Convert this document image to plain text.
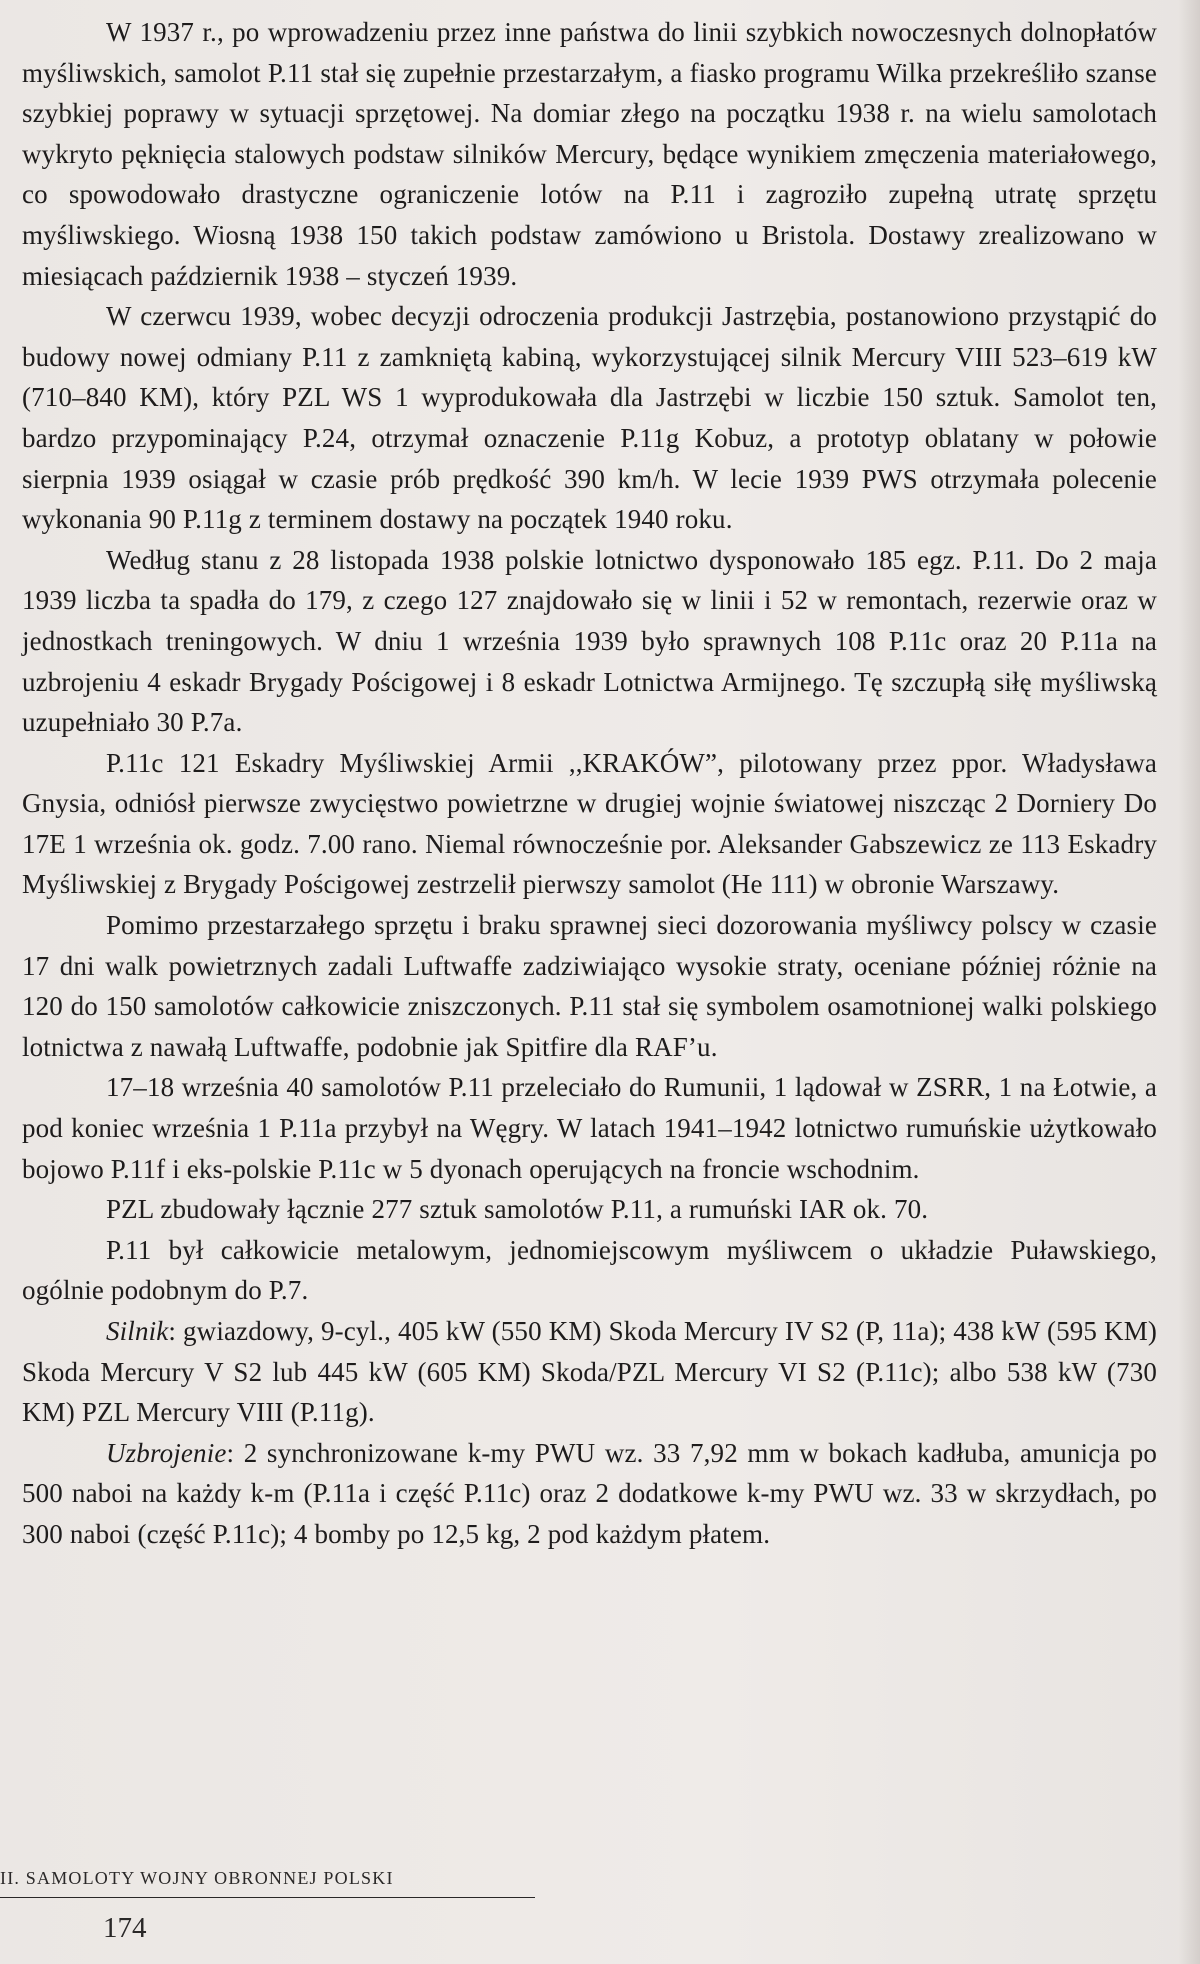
W 1937 r., po wprowadzeniu przez inne państwa do linii szybkich nowoczesnych dolnopłatów myśliwskich, samolot P.11 stał się zupełnie przestarzałym, a fiasko programu Wilka przekreśliło szanse szybkiej poprawy w sytuacji sprzętowej. Na domiar złego na początku 1938 r. na wielu samolotach wykryto pęknięcia stalowych podstaw silników Mercury, będące wynikiem zmęczenia materiałowego, co spowodowało drastyczne ograniczenie lotów na P.11 i zagroziło zupełną utratę sprzętu myśliwskiego. Wiosną 1938 150 takich podstaw zamówiono u Bristola. Dostawy zrealizowano w miesiącach październik 1938 – styczeń 1939.

W czerwcu 1939, wobec decyzji odroczenia produkcji Jastrzębia, postanowiono przystąpić do budowy nowej odmiany P.11 z zamkniętą kabiną, wykorzystującej silnik Mercury VIII 523–619 kW (710–840 KM), który PZL WS 1 wyprodukowała dla Jastrzębi w liczbie 150 sztuk. Samolot ten, bardzo przypominający P.24, otrzymał oznaczenie P.11g Kobuz, a prototyp oblatany w połowie sierpnia 1939 osiągał w czasie prób prędkość 390 km/h. W lecie 1939 PWS otrzymała polecenie wykonania 90 P.11g z terminem dostawy na początek 1940 roku.

Według stanu z 28 listopada 1938 polskie lotnictwo dysponowało 185 egz. P.11. Do 2 maja 1939 liczba ta spadła do 179, z czego 127 znajdowało się w linii i 52 w remontach, rezerwie oraz w jednostkach treningowych. W dniu 1 września 1939 było sprawnych 108 P.11c oraz 20 P.11a na uzbrojeniu 4 eskadr Brygady Pościgowej i 8 eskadr Lotnictwa Armijnego. Tę szczupłą siłę myśliwską uzupełniało 30 P.7a.

P.11c 121 Eskadry Myśliwskiej Armii ,,KRAKÓW”, pilotowany przez ppor. Władysława Gnysia, odniósł pierwsze zwycięstwo powietrzne w drugiej wojnie światowej niszcząc 2 Dorniery Do 17E 1 września ok. godz. 7.00 rano. Niemal równocześnie por. Aleksander Gabszewicz ze 113 Eskadry Myśliwskiej z Brygady Pościgowej zestrzelił pierwszy samolot (He 111) w obronie Warszawy.

Pomimo przestarzałego sprzętu i braku sprawnej sieci dozorowania myśliwcy polscy w czasie 17 dni walk powietrznych zadali Luftwaffe zadziwiająco wysokie straty, oceniane później różnie na 120 do 150 samolotów całkowicie zniszczonych. P.11 stał się symbolem osamotnionej walki polskiego lotnictwa z nawałą Luftwaffe, podobnie jak Spitfire dla RAF’u.

17–18 września 40 samolotów P.11 przeleciało do Rumunii, 1 lądował w ZSRR, 1 na Łotwie, a pod koniec września 1 P.11a przybył na Węgry. W latach 1941–1942 lotnictwo rumuńskie użytkowało bojowo P.11f i eks-polskie P.11c w 5 dyonach operujących na froncie wschodnim.

PZL zbudowały łącznie 277 sztuk samolotów P.11, a rumuński IAR ok. 70.

P.11 był całkowicie metalowym, jednomiejscowym myśliwcem o układzie Puławskiego, ogólnie podobnym do P.7.

Silnik: gwiazdowy, 9-cyl., 405 kW (550 KM) Skoda Mercury IV S2 (P, 11a); 438 kW (595 KM) Skoda Mercury V S2 lub 445 kW (605 KM) Skoda/PZL Mercury VI S2 (P.11c); albo 538 kW (730 KM) PZL Mercury VIII (P.11g).

Uzbrojenie: 2 synchronizowane k-my PWU wz. 33 7,92 mm w bokach kadłuba, amunicja po 500 naboi na każdy k-m (P.11a i część P.11c) oraz 2 dodatkowe k-my PWU wz. 33 w skrzydłach, po 300 naboi (część P.11c); 4 bomby po 12,5 kg, 2 pod każdym płatem.

II. SAMOLOTY WOJNY OBRONNEJ POLSKI
174
